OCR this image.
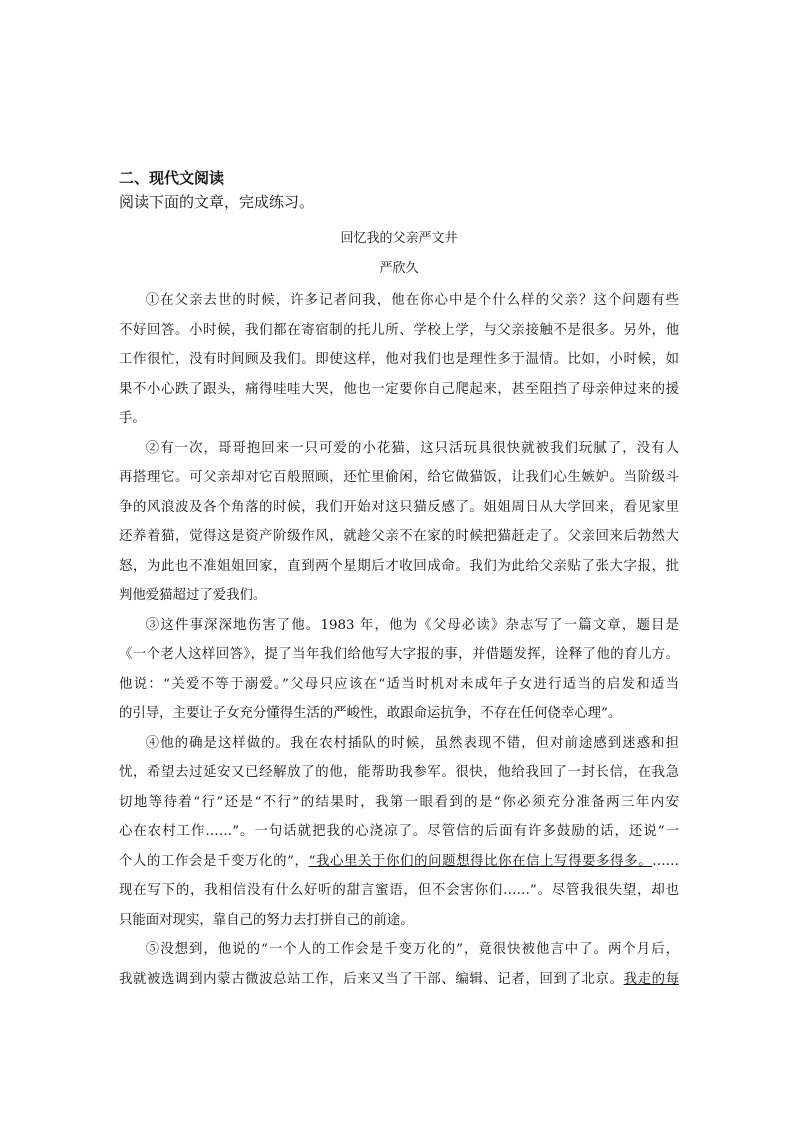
二、现代文阅读
阅读下面的文章，完成练习。
回忆我的父亲严文井
严欣久
①在父亲去世的时候，许多记者问我，他在你心中是个什么样的父亲？这个问题有些
不好回答。小时候，我们都在寄宿制的托儿所、学校上学，与父亲接触不是很多。另外，他
工作很忙，没有时间顾及我们。即使这样，他对我们也是理性多于温情。比如，小时候，如
果不小心跌了跟头，痛得哇哇大哭，他也一定要你自己爬起来，甚至阻挡了母亲伸过来的援
手。
②有一次，哥哥抱回来一只可爱的小花猫，这只活玩具很快就被我们玩腻了，没有人
再搭理它。可父亲却对它百般照顾，还忙里偷闲，给它做猫饭，让我们心生嫉妒。当阶级斗
争的风浪波及各个角落的时候，我们开始对这只猫反感了。姐姐周日从大学回来，看见家里
还养着猫，觉得这是资产阶级作风，就趁父亲不在家的时候把猫赶走了。父亲回来后勃然大
怒，为此也不准姐姐回家，直到两个星期后才收回成命。我们为此给父亲贴了张大字报，批
判他爱猫超过了爱我们。
③这件事深深地伤害了他。1983 年，他为《父母必读》杂志写了一篇文章，题目是
《一个老人这样回答》，提了当年我们给他写大字报的事，并借题发挥，诠释了他的育儿方。
他说：“关爱不等于溺爱。”父母只应该在“适当时机对未成年子女进行适当的启发和适当
的引导，主要让子女充分懂得生活的严峻性，敢跟命运抗争，不存在任何侥幸心理”。
④他的确是这样做的。我在农村插队的时候，虽然表现不错，但对前途感到迷惑和担
忧，希望去过延安又已经解放了的他，能帮助我参军。很快，他给我回了一封长信，在我急
切地等待着“行”还是“不行”的结果时，我第一眼看到的是“你必须充分准备两三年内安
心在农村工作……”。一句话就把我的心浇凉了。尽管信的后面有许多鼓励的话，还说“一
个人的工作会是千变万化的”，“我心里关于你们的问题想得比你在信上写得要多得多。……
现在写下的，我相信没有什么好听的甜言蜜语，但不会害你们……”。尽管我很失望，却也
只能面对现实，靠自己的努力去打拼自己的前途。
⑤没想到，他说的“一个人的工作会是千变万化的”，竟很快被他言中了。两个月后，
我就被选调到内蒙古微波总站工作，后来又当了干部、编辑、记者，回到了北京。我走的每
